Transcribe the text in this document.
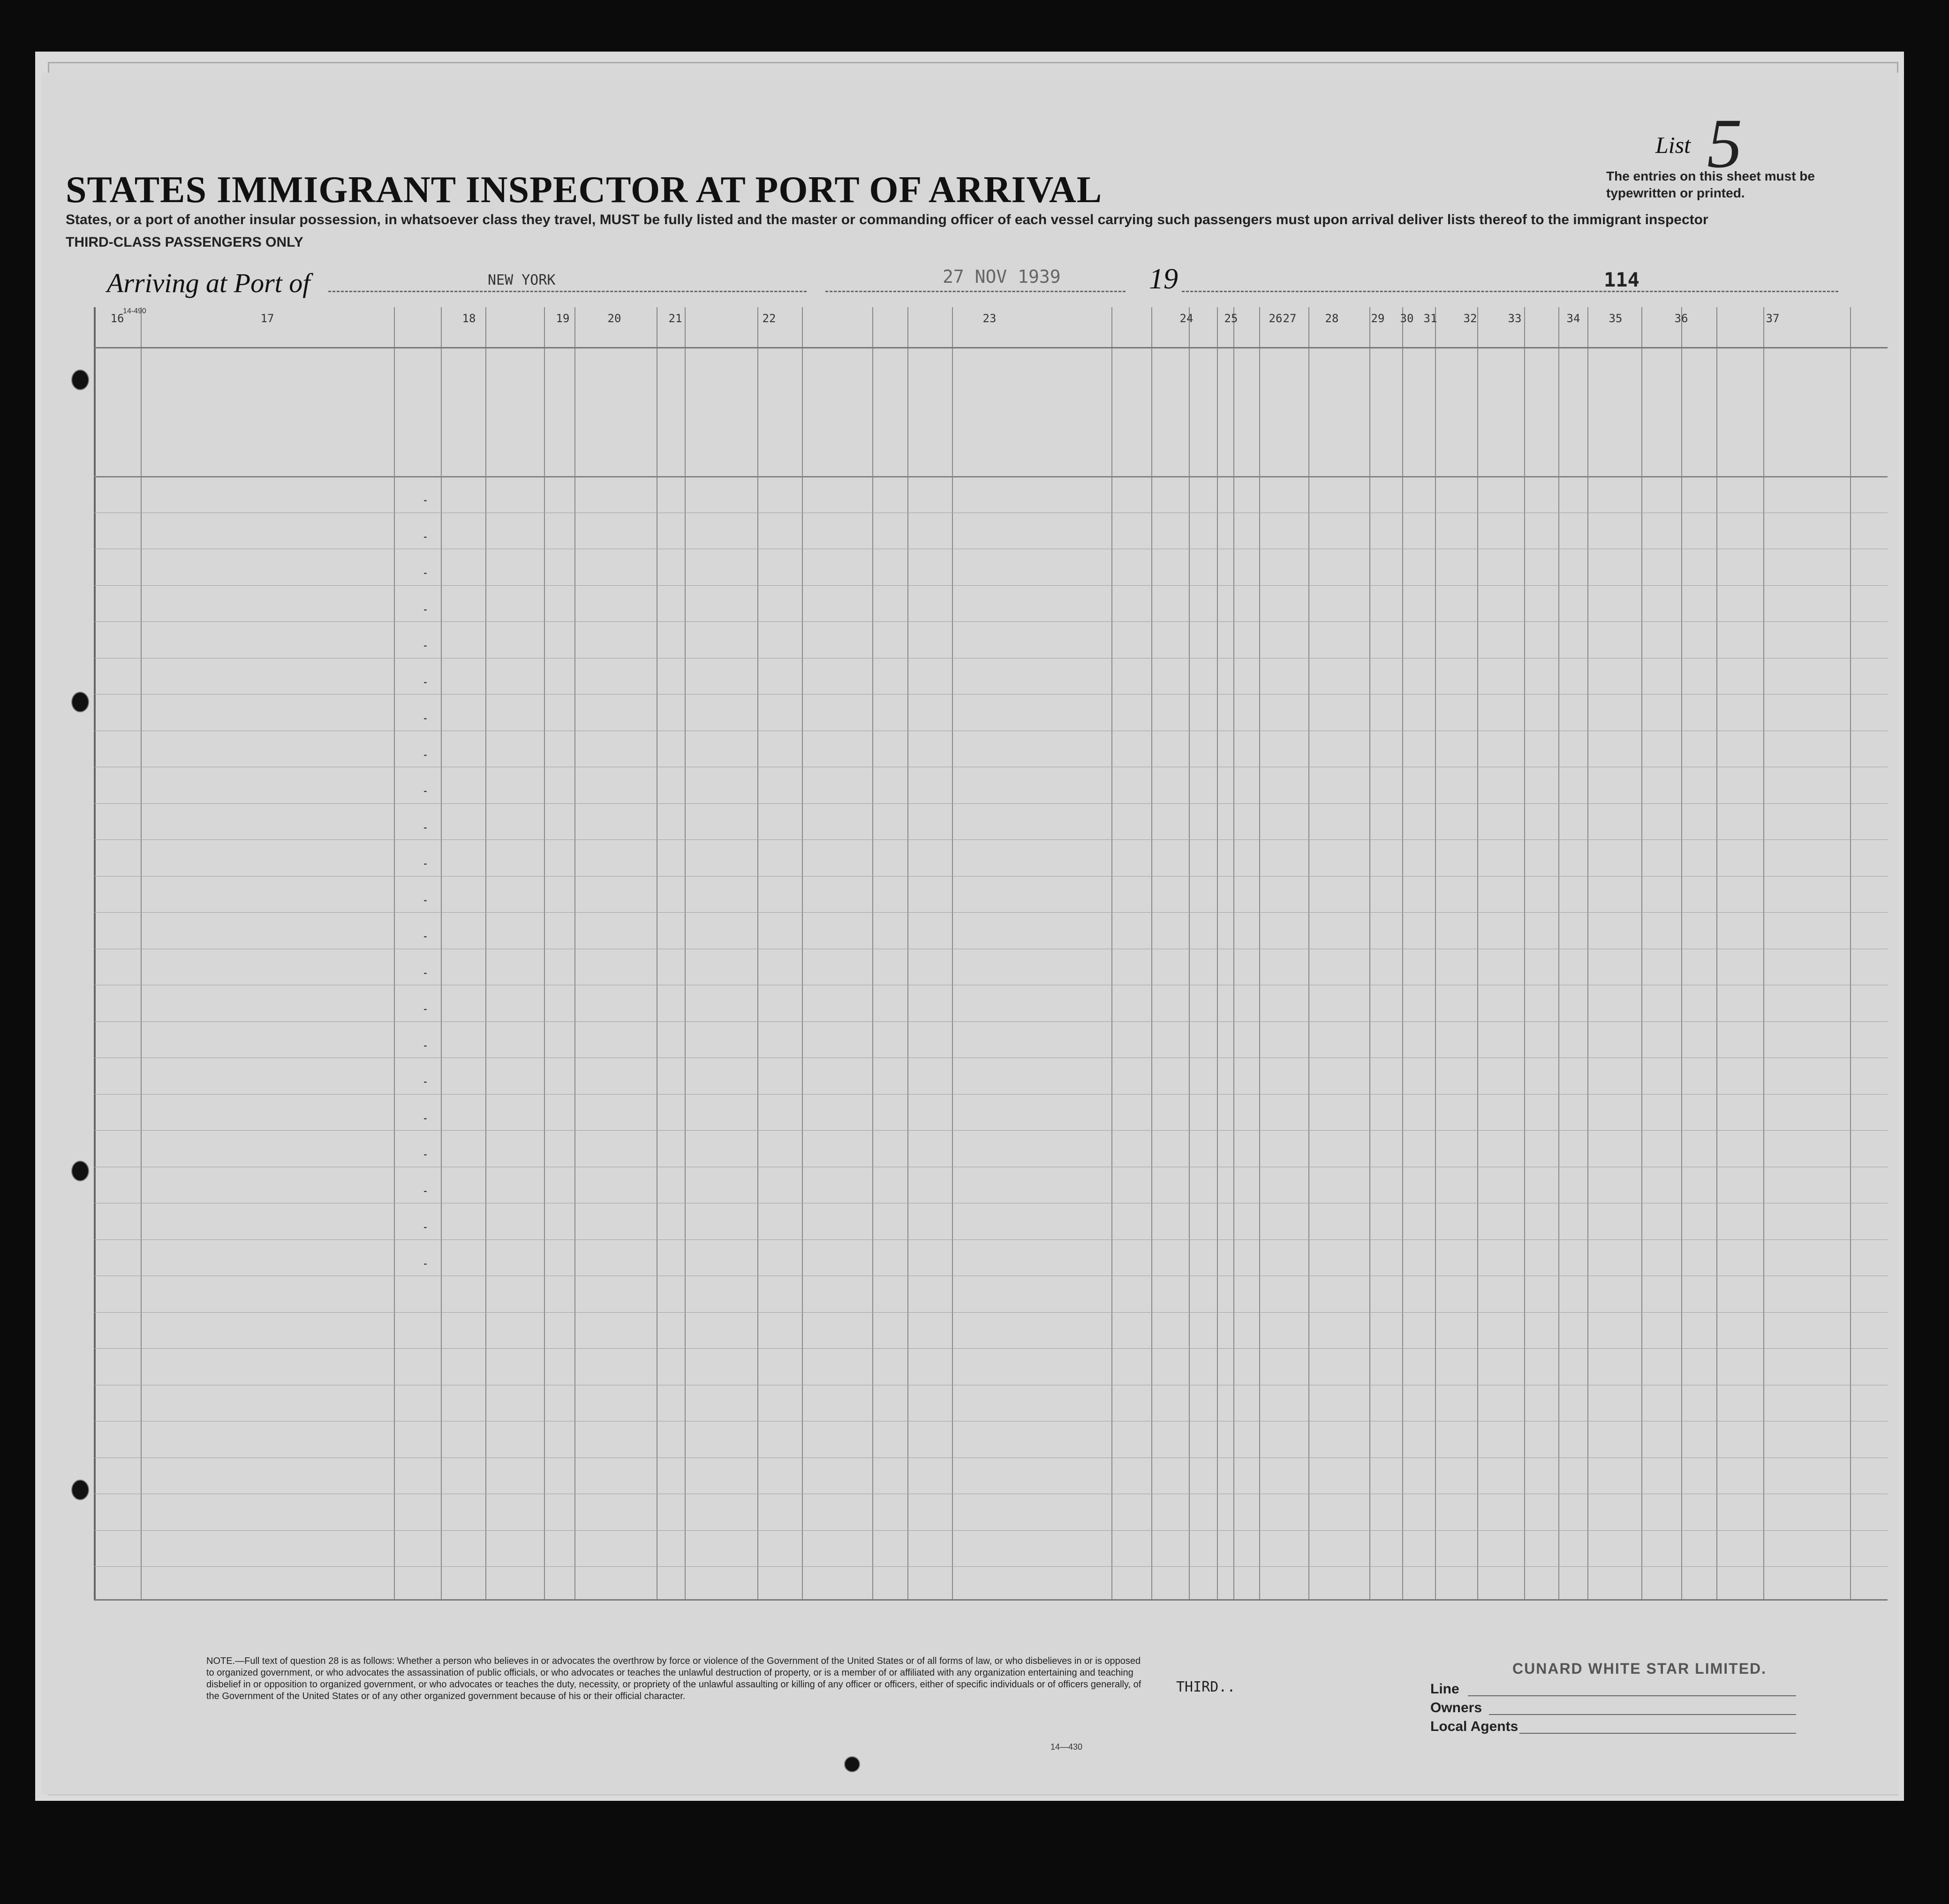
STATES IMMIGRANT INSPECTOR AT PORT OF ARRIVAL
States, or a port of another insular possession, in whatsoever class they travel, MUST be fully listed and the master or commanding officer of each vessel carrying such passengers must upon arrival deliver lists thereof to the immigrant inspector
THIRD-CLASS PASSENGERS ONLY
Arriving at Port of	NEW YORK	27 NOV 1939	19	114
List 5
The entries on this sheet must be typewritten or printed.
16	17	18	19	20	21	22	23	24	25	26 27	28	29 30 31 32	33	34	35	36	37
-
-
-
-
-
-
-
-
-
-
-
-
-
-
-
-
-
-
-
-
-
-
NOTE.—Full text of question 28 is as follows: Whether a person who believes in or advocates the overthrow by force or violence of the Government of the United States or of all forms of law, or who disbelieves in or is opposed to organized government, or who advocates the assassination of public officials, or who advocates or teaches the unlawful destruction of property, or is a member of or affiliated with any organization entertaining and teaching disbelief in or opposition to organized government, or who advocates or teaches the duty, necessity, or propriety of the unlawful assaulting or killing of any officer or officers, either of specific individuals or of officers generally, of the Government of the United States or of any other organized government because of his or their official character.
THIRD..
CUNARD WHITE STAR LIMITED.
Line
Owners
Local Agents
14—430
14-490
